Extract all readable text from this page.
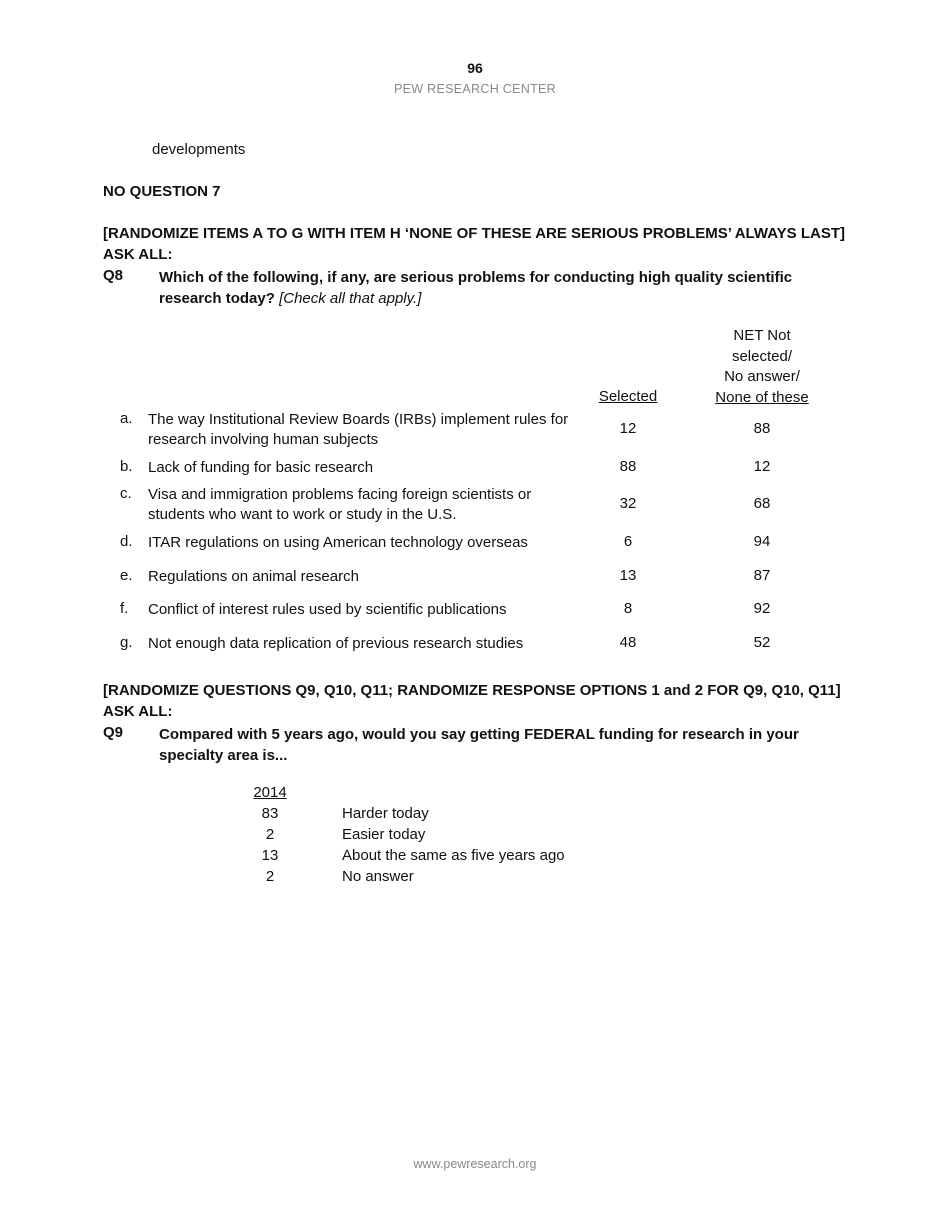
96
PEW RESEARCH CENTER
developments
NO QUESTION 7
[RANDOMIZE ITEMS A TO G WITH ITEM H ‘NONE OF THESE ARE SERIOUS PROBLEMS’ ALWAYS LAST]
ASK ALL:
Q8 Which of the following, if any, are serious problems for conducting high quality scientific research today? [Check all that apply.]
NET Not
selected/
No answer/
None of these
Selected
a. The way Institutional Review Boards (IRBs) implement rules for research involving human subjects
12	88
b. Lack of funding for basic research	88	12
c. Visa and immigration problems facing foreign scientists or students who want to work or study in the U.S.
32	68
d. ITAR regulations on using American technology overseas	6	94
e. Regulations on animal research	13	87
f. Conflict of interest rules used by scientific publications	8	92
g. Not enough data replication of previous research studies	48	52
[RANDOMIZE QUESTIONS Q9, Q10, Q11; RANDOMIZE RESPONSE OPTIONS 1 and 2 FOR Q9, Q10, Q11]
ASK ALL:
Q9 Compared with 5 years ago, would you say getting FEDERAL funding for research in your specialty area is...
2014
83	Harder today
2	Easier today
13	About the same as five years ago
2	No answer
www.pewresearch.org
